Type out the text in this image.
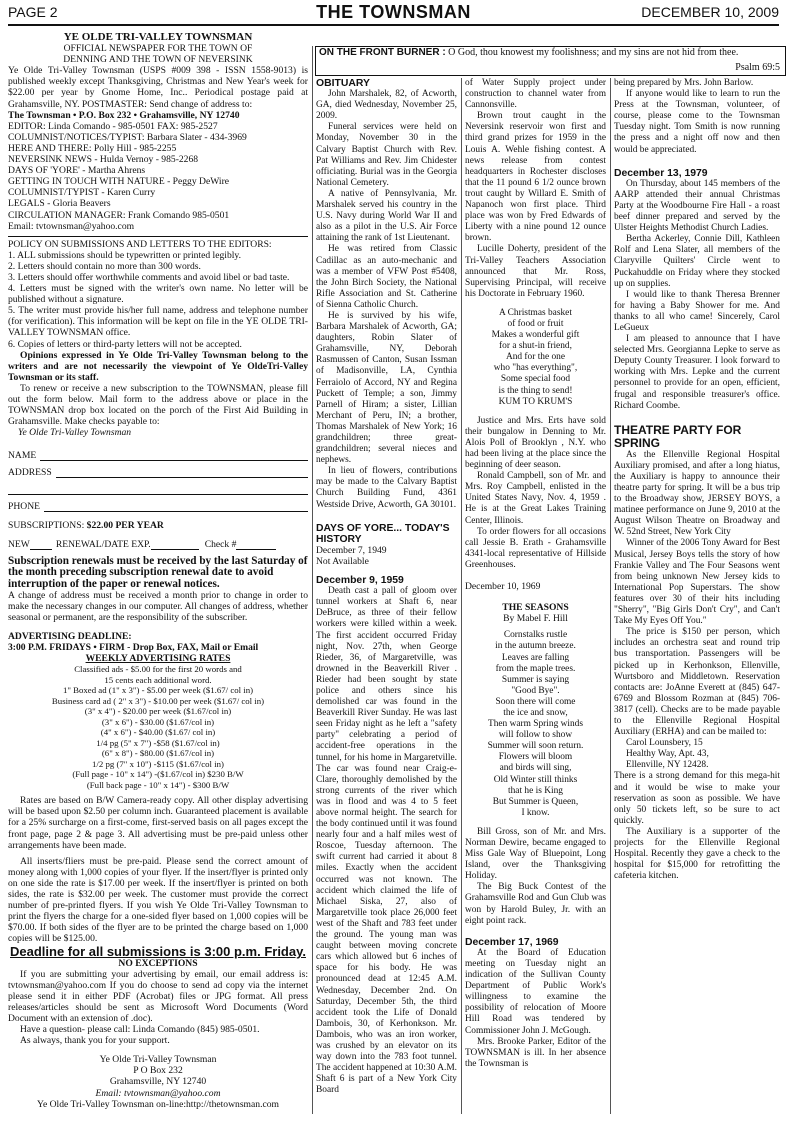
PAGE 2	THE TOWNSMAN	DECEMBER 10, 2009

YE OLDE TRI-VALLEY TOWNSMAN

OFFICIAL NEWSPAPER FOR THE TOWN OF

DENNING AND THE TOWN OF NEVERSINK

Ye Olde Tri-Valley Townsman (USPS #009 398 - ISSN 1558-9013) is published weekly except Thanksgiving, Christmas and New Year's week for $22.00 per year by Gnome Home, Inc.. Periodical postage paid at Grahamsville, NY. POSTMASTER: Send change of address to:

The Townsman • P.O. Box 232 • Grahamsville, NY 12740

EDITOR: Linda Comando - 985-0501 FAX: 985-2527

COLUMNIST/NOTICES/TYPIST: Barbara Slater - 434-3969

HERE AND THERE: Polly Hill - 985-2255

NEVERSINK NEWS - Hulda Vernoy - 985-2268

DAYS OF 'YORE' - Martha Ahrens

GETTING IN TOUCH WITH NATURE - Peggy DeWire

COLUMNIST/TYPIST - Karen Curry

LEGALS - Gloria Beavers

CIRCULATION MANAGER: Frank Comando 985-0501

Email: tvtownsman@yahoo.com

POLICY ON SUBMISSIONS AND LETTERS TO THE EDITORS:

1. ALL submissions should be typewritten or printed legibly.

2. Letters should contain no more than 300 words.

3. Letters should offer worthwhile comments and avoid libel or bad taste.

4. Letters must be signed with the writer's own name. No letter will be published without a signature.

5. The writer must provide his/her full name, address and telephone number (for verification). This information will be kept on file in the YE OLDE TRI-VALLEY TOWNSMAN office.

6. Copies of letters or third-party letters will not be accepted.

Opinions expressed in Ye Olde Tri-Valley Townsman belong to the writers and are not necessarily the viewpoint of Ye OldeTri-Valley Townsman or its staff.

To renew or receive a new subscription to the TOWNSMAN, please fill out the form below. Mail form to the address above or place in the TOWNSMAN drop box located on the porch of the First Aid Building in Grahamsville. Make checks payable to:

Ye Olde Tri-Valley Townsman

NAME
ADDRESS
PHONE
SUBSCRIPTIONS:
$22.00 PER YEAR
NEW	RENEWAL/DATE EXP.	Check #

Subscription renewals must be received by the last Saturday of the month preceding subscription renewal date to avoid interruption of the paper or renewal notices.

A change of address must be received a month prior to change in order to make the necessary changes in our computer. All changes of address, whether seasonal or permanent, are the responsibility of the subscriber.

ADVERTISING DEADLINE:

3:00 P.M. FRIDAYS • FIRM - Drop Box, FAX, Mail or Email

WEEKLY ADVERTISING RATES

Classified ads - $5.00 for the first 20 words and

15 cents each additional word.

1" Boxed ad (1" x 3") - $5.00 per week ($1.67/ col in)

Business card ad ( 2" x 3") - $10.00 per week ($1.67/ col in)

(3" x 4") - $20.00 per week ($1.67/col in)

(3" x 6") - $30.00 ($1.67/col in)

(4" x 6") - $40.00 ($1.67/ col in)

1/4 pg (5" x 7") -$58 ($1.67/col in)

(6" x 8") - $80.00 ($1.67/col in)

1/2 pg (7" x 10") -$115 ($1.67/col in)

(Full page - 10" x 14") -($1.67/col in) $230 B/W

(Full back page - 10" x 14") - $300 B/W

Rates are based on B/W Camera-ready copy. All other display advertising will be based upon $2.50 per column inch. Guaranteed placement is available for a 25% surcharge on a first-come, first-served basis on all pages except the front page, page 2 & page 3. All advertising must be pre-paid unless other arrangements have been made.

All inserts/fliers must be pre-paid. Please send the correct amount of money along with 1,000 copies of your flyer. If the insert/flyer is printed only on one side the rate is $17.00 per week. If the insert/flyer is printed on both sides, the rate is $32.00 per week. The customer must provide the correct number of pre-printed flyers. If you wish Ye Olde Tri-Valley Townsman to print the flyers the charge for a one-sided flyer based on 1,000 copies will be $70.00. If both sides of the flyer are to be printed the charge based on 1,000 copies will be $125.00.

Deadline for all submissions is 3:00 p.m. Friday.

NO EXCEPTIONS

If you are submitting your advertising by email, our email address is: tvtownsman@yahoo.com If you do choose to send ad copy via the internet please send it in either PDF (Acrobat) files or JPG format. All press releases/articles should be sent as Microsoft Word Documents (Word Document with an extension of .doc).

Have a question- please call: Linda Comando (845) 985-0501.

As always, thank you for your support.

Ye Olde Tri-Valley Townsman

P O Box 232

Grahamsville, NY 12740

Email: tvtownsman@yahoo.com

Ye Olde Tri-Valley Townsman on-line:http://thetownsman.com

ON THE FRONT BURNER : O God, thou knowest my foolishness; and my sins are not hid from thee.
Psalm 69:5

OBITUARY

John Marshalek, 82, of Acworth, GA, died Wednesday, November 25, 2009.

Funeral services were held on Monday, November 30 in the Calvary Baptist Church with Rev. Pat Williams and Rev. Jim Chidester officiating. Burial was in the Georgia National Cemetery.

A native of Pennsylvania, Mr. Marshalek served his country in the U.S. Navy during World War II and also as a pilot in the U.S. Air Force attaining the rank of 1st Lieutenant.

He was retired from Classic Cadillac as an auto-mechanic and was a member of VFW Post #5408, the John Birch Society, the National Rifle Association and St. Catherine of Sienna Catholic Church.

He is survived by his wife, Barbara Marshalek of Acworth, GA; daughters, Robin Slater of Grahamsville, NY, Deborah Rasmussen of Canton, Susan Issman of Madisonville, LA, Cynthia Ferraiolo of Accord, NY and Regina Puckett of Temple; a son, Jimmy Parnell of Hiram; a sister, Lillian Merchant of Peru, IN; a brother, Thomas Marshalek of New York; 16 grandchildren; three great-grandchildren; several nieces and nephews.

In lieu of flowers, contributions may be made to the Calvary Baptist Church Building Fund, 4361 Westside Drive, Acworth, GA 30101.

DAYS OF YORE... TODAY'S HISTORY

December 7, 1949

Not Available

December 9, 1959

Death cast a pall of gloom over tunnel workers at Shaft 6, near DeBruce, as three of their fellow workers were killed within a week. The first accident occurred Friday night, Nov. 27th, when George Rieder, 36, of Margaretville, was drowned in the Beaverkill River . Rieder had been sought by state police and others since his demolished car was found in the Beaverkill River Sunday. He was last seen Friday night as he left a "safety party" celebrating a period of accident-free operations in the tunnel, for his home in Margaretville. The car was found near Craig-e-Clare, thoroughly demolished by the strong currents of the river which was in flood and was 4 to 5 feet above normal height. The search for the body continued until it was found nearly four and a half miles west of Roscoe, Tuesday afternoon. The swift current had carried it about 8 miles. Exactly when the accident occurred was not known. The accident which claimed the life of Michael Siska, 27, also of Margaretville took place 26,000 feet west of the Shaft and 783 feet under the ground. The young man was caught between moving concrete cars which allowed but 6 inches of space for his body. He was pronounced dead at 12:45 A.M. Wednesday, December 2nd. On Saturday, December 5th, the third accident took the Life of Donald Dambois, 30, of Kerhonkson. Mr. Dambois, who was an iron worker, was crushed by an elevator on its way down into the 783 foot tunnel. The accident happened at 10:30 A.M. Shaft 6 is part of a New York City Board

of Water Supply project under construction to channel water from Cannonsville.

Brown trout caught in the Neversink reservoir won first and third grand prizes for 1959 in the Louis A. Wehle fishing contest. A news release from contest headquarters in Rochester discloses that the 11 pound 6 1/2 ounce brown trout caught by Willard E. Smith of Napanoch won first place. Third place was won by Fred Edwards of Liberty with a nine pound 12 ounce brown.

Lucille Doherty, president of the Tri-Valley Teachers Association announced that Mr. Ross, Supervising Principal, will receive his Doctorate in February 1960.

A Christmas basket

of food or fruit

Makes a wonderful gift

for a shut-in friend,

And for the one

who "has everything",

Some special food

is the thing to send!

KUM TO KRUM'S

Justice and Mrs. Erts have sold their bungalow in Denning to Mr. Alois Poll of Brooklyn , N.Y. who had been living at the place since the beginning of deer season.

Ronald Campbell, son of Mr. and Mrs. Roy Campbell, enlisted in the United States Navy, Nov. 4, 1959 . He is at the Great Lakes Training Center, Illinois.

To order flowers for all occasions call Jessie B. Erath - Grahamsville 4341-local representative of Hillside Greenhouses.

December 10, 1969

THE SEASONS

By Mabel F. Hill

Cornstalks rustle

in the autumn breeze.

Leaves are falling

from the maple trees.

Summer is saying

"Good Bye".

Soon there will come

the ice and snow,

Then warm Spring winds

will follow to show

Summer will soon return.

Flowers will bloom

and birds will sing,

Old Winter still thinks

that he is King

But Summer is Queen,

I know.

Bill Gross, son of Mr. and Mrs. Norman Dewire, became engaged to Miss Gale Way of Bluepoint, Long Island, over the Thanksgiving Holiday.

The Big Buck Contest of the Grahamsville Rod and Gun Club was won by Harold Buley, Jr. with an eight point rack.

December 17, 1969

At the Board of Education meeting on Tuesday night an indication of the Sullivan County Department of Public Work's willingness to examine the possibility of relocation of Moore Hill Road was tendered by Commissioner John J. McGough.

Mrs. Brooke Parker, Editor of the TOWNSMAN is ill. In her absence the Townsman is

being prepared by Mrs. John Barlow.

If anyone would like to learn to run the Press at the Townsman, volunteer, of course, please come to the Townsman Tuesday night. Tom Smith is now running the press and a night off now and then would be appreciated.

December 13, 1979

On Thursday, about 145 members of the AARP attended their annual Christmas Party at the Woodbourne Fire Hall - a roast beef dinner prepared and served by the Ulster Heights Methodist Church Ladies.

Bertha Ackerley, Connie Dill, Kathleen Rolf and Lena Slater, all members of the Claryville Quilters' Circle went to Puckahuddle on Friday where they stocked up on supplies.

I would like to thank Theresa Brenner for having a Baby Shower for me. And thanks to all who came! Sincerely, Carol LeGueux

I am pleased to announce that I have selected Mrs. Georgianna Lepke to serve as Deputy County Treasurer. I look forward to working with Mrs. Lepke and the current personnel to provide for an open, efficient, frugal and responsible treasurer's office. Richard Coombe.

THEATRE PARTY FOR SPRING

As the Ellenville Regional Hospital Auxiliary promised, and after a long hiatus, the Auxiliary is happy to announce their theatre party for spring. It will be a bus trip to the Broadway show, JERSEY BOYS, a matinee performance on June 9, 2010 at the August Wilson Theatre on Broadway and W. 52nd Street, New York City

Winner of the 2006 Tony Award for Best Musical, Jersey Boys tells the story of how Frankie Valley and The Four Seasons went from being unknown New Jersey kids to International Pop Superstars. The show features over 30 of their hits including "Sherry", "Big Girls Don't Cry", and Can't Take My Eyes Off You."

The price is $150 per person, which includes an orchestra seat and round trip bus transportation. Passengers will be picked up in Kerhonkson, Ellenville, Wurtsboro and Middletown. Reservation contacts are: JoAnne Everett at (845) 647-6769 and Blossom Rozman at (845) 706-3817 (cell). Checks are to be made payable to the Ellenville Regional Hospital Auxiliary (ERHA) and can be mailed to:

Carol Lounsbery, 15

Healthy Way, Apt. 43,

Ellenville, NY 12428.

There is a strong demand for this mega-hit and it would be wise to make your reservation as soon as possible. We have only 50 tickets left, so be sure to act quickly.

The Auxiliary is a supporter of the projects for the Ellenville Regional Hospital. Recently they gave a check to the hospital for $15,000 for retrofitting the cafeteria kitchen.
